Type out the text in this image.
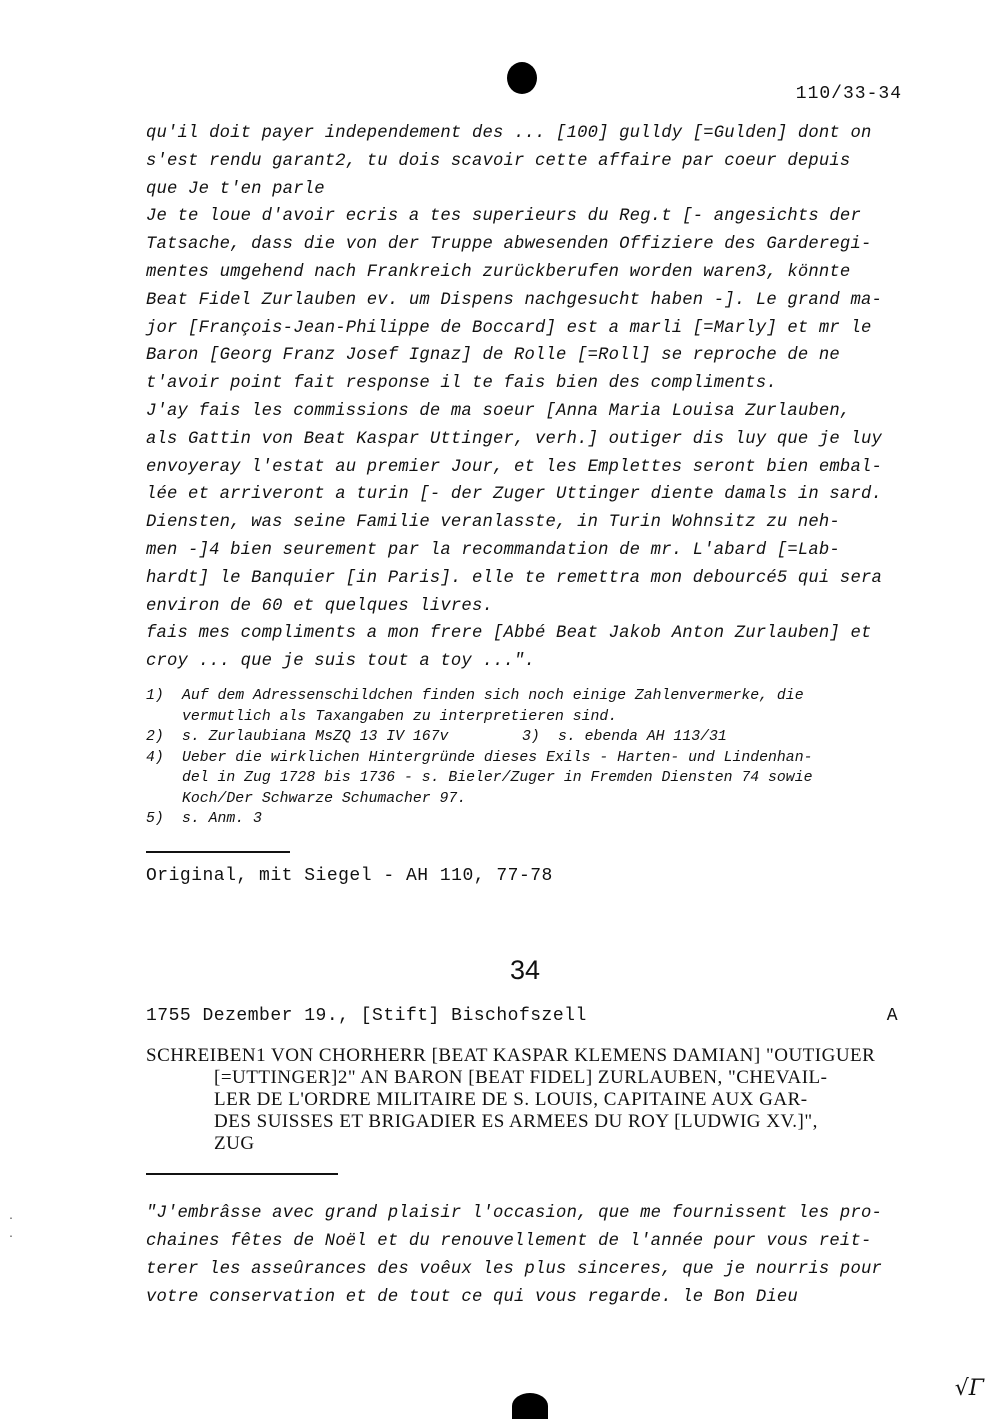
110/33-34

qu'il doit payer independement des ... [100] gulldy [=Gulden] dont on

s'est rendu garant2, tu dois scavoir cette affaire par coeur depuis

que Je t'en parle

Je te loue d'avoir ecris a tes superieurs du Reg.t [- angesichts der

Tatsache, dass die von der Truppe abwesenden Offiziere des Garderegi-

mentes umgehend nach Frankreich zurückberufen worden waren3, könnte

Beat Fidel Zurlauben ev. um Dispens nachgesucht haben -]. Le grand ma-

jor [François-Jean-Philippe de Boccard] est a marli [=Marly] et mr le

Baron [Georg Franz Josef Ignaz] de Rolle [=Roll] se reproche de ne

t'avoir point fait response il te fais bien des compliments.

J'ay fais les commissions de ma soeur [Anna Maria Louisa Zurlauben,

als Gattin von Beat Kaspar Uttinger, verh.] outiger dis luy que je luy

envoyeray l'estat au premier Jour, et les Emplettes seront bien embal-

lée et arriveront a turin [- der Zuger Uttinger diente damals in sard.

Diensten, was seine Familie veranlasste, in Turin Wohnsitz zu neh-

men -]4 bien seurement par la recommandation de mr. L'abard [=Lab-

hardt] le Banquier [in Paris]. elle te remettra mon debourcé5 qui sera

environ de 60 et quelques livres.

fais mes compliments a mon frere [Abbé Beat Jakob Anton Zurlauben] et

croy ... que je suis tout a toy ...".

1)	Auf dem Adressenschildchen finden sich noch einige Zahlenvermerke, die
vermutlich als Taxangaben zu interpretieren sind.
2)	s. Zurlaubiana MsZQ 13 IV 167v	3)	s. ebenda AH 113/31
4)	Ueber die wirklichen Hintergründe dieses Exils - Harten- und Lindenhan-
del in Zug 1728 bis 1736 - s. Bieler/Zuger in Fremden Diensten 74 sowie
Koch/Der Schwarze Schumacher 97.
5)	s. Anm. 3
Original, mit Siegel - AH 110, 77-78
34
1755 Dezember 19., [Stift] Bischofszell	A
SCHREIBEN1 VON CHORHERR [BEAT KASPAR KLEMENS DAMIAN] "OUTIGUER
[=UTTINGER]2" AN BARON [BEAT FIDEL] ZURLAUBEN, "CHEVAIL-
LER DE L'ORDRE MILITAIRE DE S. LOUIS, CAPITAINE AUX GAR-
DES SUISSES ET BRIGADIER ES ARMEES DU ROY [LUDWIG XV.]",
ZUG

"J'embrâsse avec grand plaisir l'occasion, que me fournissent les pro-

chaines fêtes de Noël et du renouvellement de l'année pour vous reit-

terer les asseûrances des voêux les plus sinceres, que je nourris pour

votre conservation et de tout ce qui vous regarde. le Bon Dieu

·
·
√Γ
